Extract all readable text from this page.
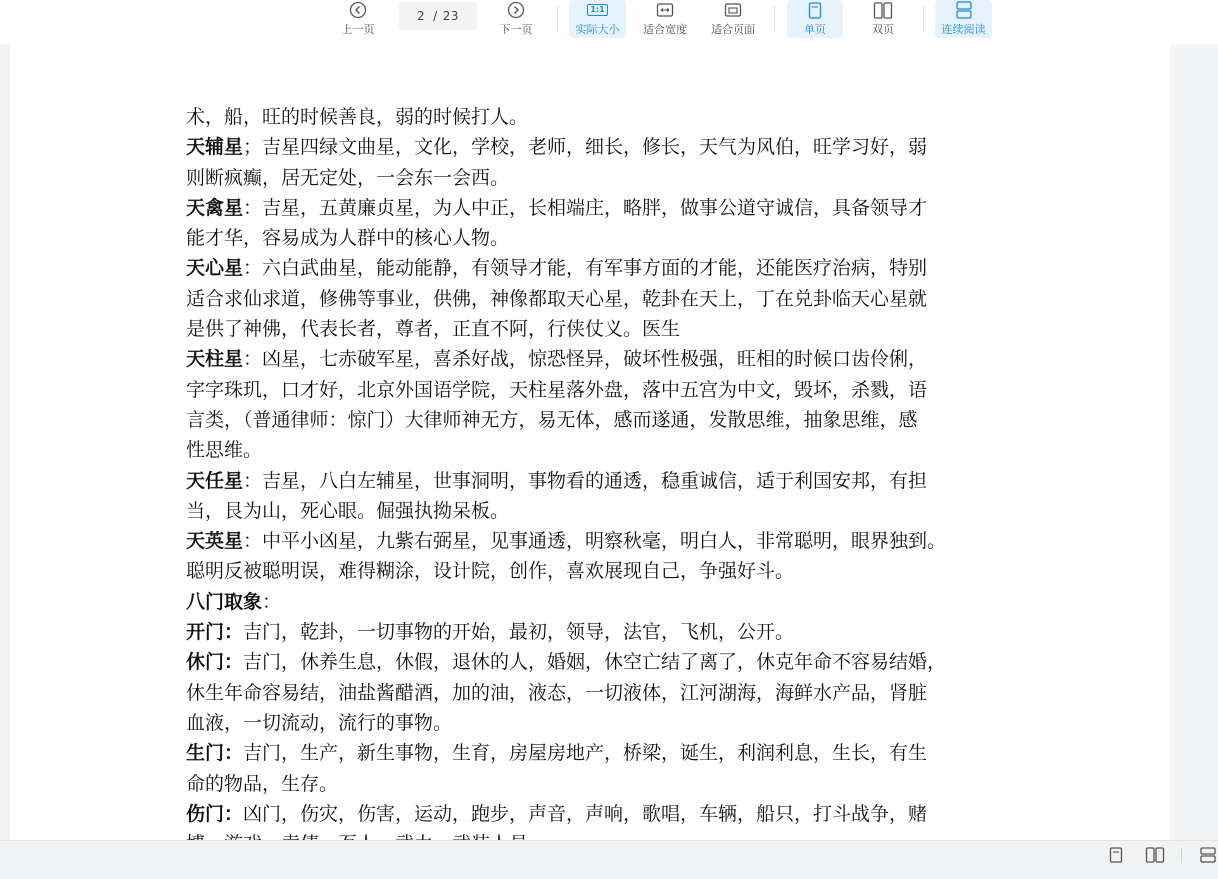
上一页
2 / 23
下一页
1:1
实际大小 适合宽度 适合页面	单页	双页	连续阅读
术，船，旺的时候善良，弱的时候打人。
天辅星；吉星四绿文曲星，文化，学校，老师，细长，修长，天气为风伯，旺学习好，弱
则断疯癫，居无定处，一会东一会西。
天禽星：吉星，五黄廉贞星，为人中正，长相端庄，略胖，做事公道守诚信，具备领导才
能才华，容易成为人群中的核心人物。
天心星：六白武曲星，能动能静，有领导才能，有军事方面的才能，还能医疗治病，特别
适合求仙求道，修佛等事业，供佛，神像都取天心星，乾卦在天上，丁在兑卦临天心星就
是供了神佛，代表长者，尊者，正直不阿，行侠仗义。医生
天柱星：凶星，七赤破军星，喜杀好战，惊恐怪异，破坏性极强，旺相的时候口齿伶俐，
字字珠玑，口才好，北京外国语学院，天柱星落外盘，落中五宫为中文，毁坏，杀戮，语
言类，（普通律师：惊门）大律师神无方，易无体，感而遂通，发散思维，抽象思维，感
性思维。
天任星：吉星，八白左辅星，世事洞明，事物看的通透，稳重诚信，适于利国安邦，有担
当，艮为山，死心眼。倔强执拗呆板。
天英星：中平小凶星，九紫右弼星，见事通透，明察秋毫，明白人，非常聪明，眼界独到。
聪明反被聪明误，难得糊涂，设计院，创作，喜欢展现自己，争强好斗。
八门取象：
开门：吉门，乾卦，一切事物的开始，最初，领导，法官，飞机，公开。
休门：吉门，休养生息，休假，退休的人，婚姻，休空亡结了离了，休克年命不容易结婚，
休生年命容易结，油盐酱醋酒，加的油，液态，一切液体，江河湖海，海鲜水产品，肾脏
血液，一切流动，流行的事物。
生门：吉门，生产，新生事物，生育，房屋房地产，桥梁，诞生，利润利息，生长，有生
命的物品，生存。
伤门：凶门，伤灾，伤害，运动，跑步，声音，声响，歌唱，车辆，船只，打斗战争，赌
